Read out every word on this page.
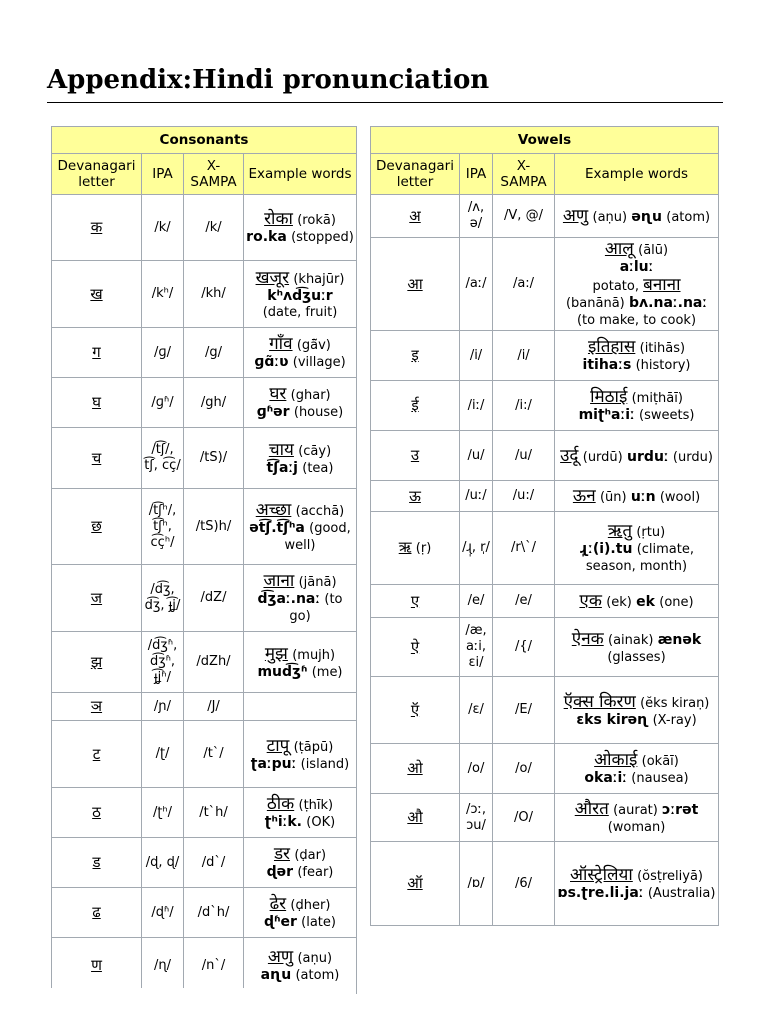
Appendix:Hindi pronunciation
Consonants			
Devanagari letter	IPA	X-SAMPA	Example words
क	/k/	/k/	रोका (rokā)
ro.ka (stopped)
ख	/kʰ/	/kh/	खजूर (khajūr)
kʰʌd͡ʒuːr (date, fruit)
ग	/ɡ/	/g/	गाँव (gā̃v)
ɡɑ̃ːʋ (village)
घ	/ɡʱ/	/gh/	घर (ghar)
ɡʱər (house)
च	/t͡ʃ/, t͡ʃ, c͡ç/	/tS)/	चाय (cāy)
t͡ʃaːj (tea)
छ	/t͡ʃʰ/, t͡ʃʰ, c͡çʰ/	/tS)h/	अच्छा (acchā)
ət͡ʃ.t͡ʃʰa (good, well)
ज	/d͡ʒ, d͡ʒ, ɟ͡ʝ/	/dZ/	जाना (jānā)
d͡ʒaː.naː (to go)
झ	/d͡ʒʱ, d͡ʒʱ, ɟ͡ʝʱ/	/dZh/	मुझ (mujh)
mud͡ʒʱ (me)
ञ	/ɲ/	/J/	
ट	/ʈ/	/t`/	टापू (ṭāpū)
ʈaːpuː (island)
ठ	/ʈʰ/	/t`h/	ठीक (ṭhīk)
ʈʰiːk. (OK)
ड	/ɖ, ɖ/	/d`/	डर (ḍar)
ɖər (fear)
ढ	/ɖʱ/	/d`h/	ढेर (ḍher)
ɖʱer (late)
ण	/ɳ/	/n`/	अणु (aṇu)
aɳu (atom)
Vowels			
Devanagari letter	IPA	X-SAMPA	Example words
अ	/ʌ, ə/	/V, @/	अणु (aṇu) əɳu (atom)
आ	/aː/	/a:/	आलू (ālū)
aːluː
potato, बनाना
(banānā) bʌ.naː.naː
(to make, to cook)
इ	/i/	/i/	इतिहास (itihās)
itihaːs (history)
ई	/iː/	/i:/	मिठाई (miṭhāī)
miʈʰaːiː (sweets)
उ	/u/	/u/	उर्दू (urdū) urduː (urdu)
ऊ	/uː/	/u:/	ऊन (ūn) uːn (wool)
ऋ (ṛ)	/ɻ̩, r̩/	/r\`/	ऋतु (ṛtu)
ɻ̩ː(i).tu (climate, season, month)
ए	/e/	/e/	एक (ek) ek (one)
ऐ	/æ, aːi, ɛi/	/{/	ऐनक (ainak) ænək (glasses)
ऍ	/ɛ/	/E/	ऍक्स किरण (ĕks kiraṇ)
ɛks kirəɳ (X-ray)
ओ	/o/	/o/	ओकाई (okāī)
okaːiː (nausea)
औ	/ɔː, ɔu/	/O/	औरत (aurat) ɔːrət (woman)
ऑ	/ɒ/	/6/	ऑस्ट्रेलिया (ŏsṭreliyā)
ɒs.ʈre.li.jaː (Australia)
